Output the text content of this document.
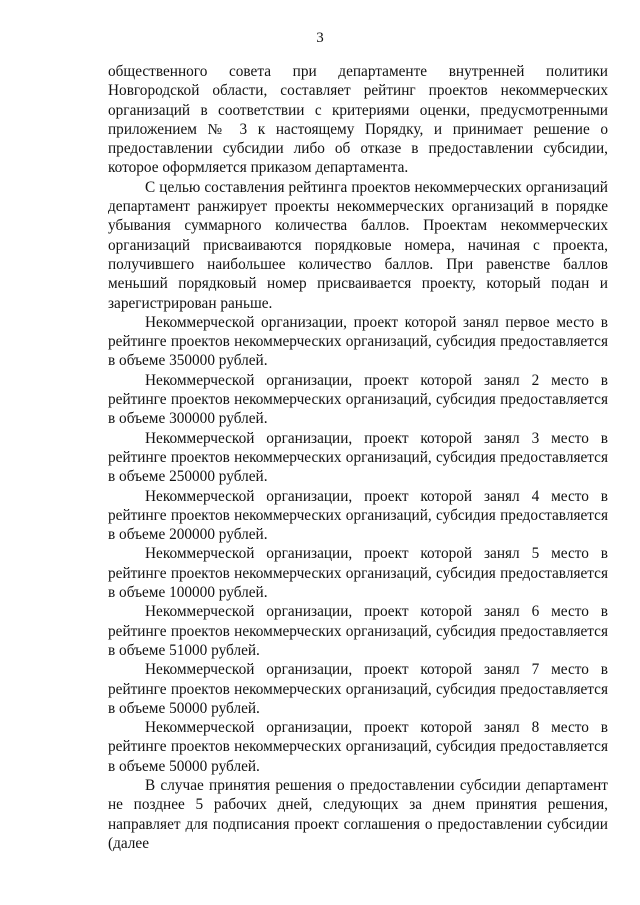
3

общественного совета при департаменте внутренней политики Новгородской области, составляет рейтинг проектов некоммерческих организаций в соответствии с критериями оценки, предусмотренными приложением № 3 к настоящему Порядку, и принимает решение о предоставлении субсидии либо об отказе в предоставлении субсидии, которое оформляется приказом департамента.

С целью составления рейтинга проектов некоммерческих организаций департамент ранжирует проекты некоммерческих организаций в порядке убывания суммарного количества баллов. Проектам некоммерческих организаций присваиваются порядковые номера, начиная с проекта, получившего наибольшее количество баллов. При равенстве баллов меньший порядковый номер присваивается проекту, который подан и зарегистрирован раньше.

Некоммерческой организации, проект которой занял первое место в рейтинге проектов некоммерческих организаций, субсидия предоставляется в объеме 350000 рублей.

Некоммерческой организации, проект которой занял 2 место в рейтинге проектов некоммерческих организаций, субсидия предоставляется в объеме 300000 рублей.

Некоммерческой организации, проект которой занял 3 место в рейтинге проектов некоммерческих организаций, субсидия предоставляется в объеме 250000 рублей.

Некоммерческой организации, проект которой занял 4 место в рейтинге проектов некоммерческих организаций, субсидия предоставляется в объеме 200000 рублей.

Некоммерческой организации, проект которой занял 5 место в рейтинге проектов некоммерческих организаций, субсидия предоставляется в объеме 100000 рублей.

Некоммерческой организации, проект которой занял 6 место в рейтинге проектов некоммерческих организаций, субсидия предоставляется в объеме 51000 рублей.

Некоммерческой организации, проект которой занял 7 место в рейтинге проектов некоммерческих организаций, субсидия предоставляется в объеме 50000 рублей.

Некоммерческой организации, проект которой занял 8 место в рейтинге проектов некоммерческих организаций, субсидия предоставляется в объеме 50000 рублей.

В случае принятия решения о предоставлении субсидии департамент не позднее 5 рабочих дней, следующих за днем принятия решения, направляет для подписания проект соглашения о предоставлении субсидии (далее
